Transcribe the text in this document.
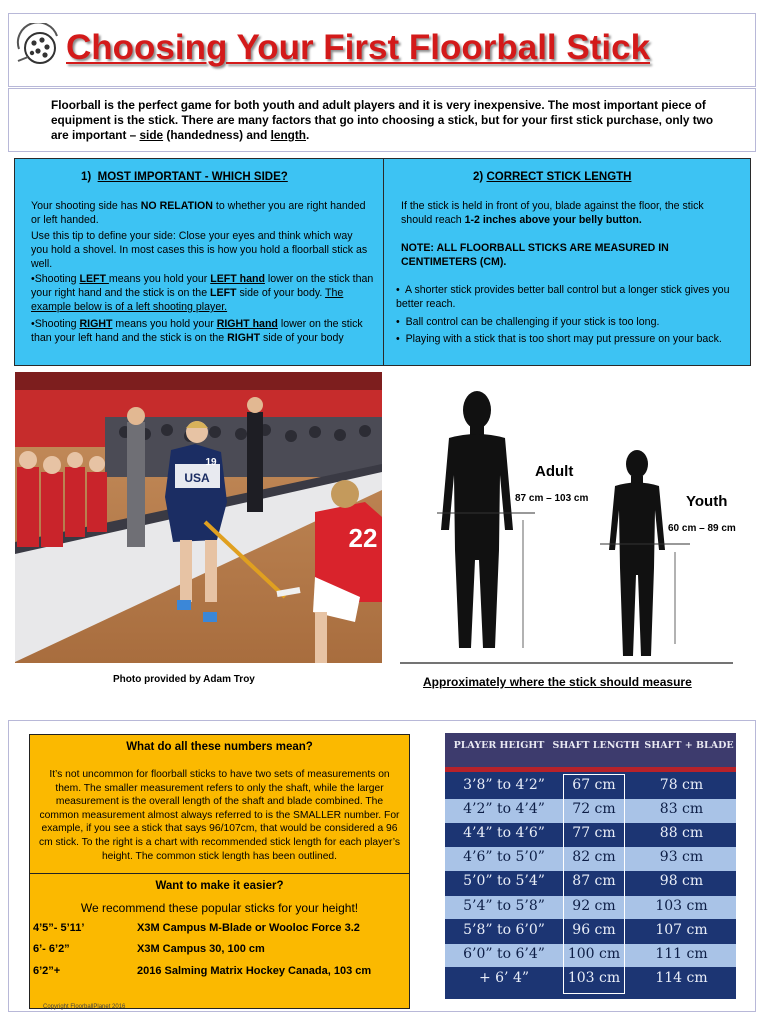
Choosing Your First Floorball Stick

Floorball is the perfect game for both youth and adult players and it is very inexpensive. The most important piece of equipment is the stick. There are many factors that go into choosing a stick, but for your first stick purchase, only two are important – side (handedness) and length.

1) MOST IMPORTANT - WHICH SIDE?
Your shooting side has NO RELATION to whether you are right handed or left handed.
Use this tip to define your side: Close your eyes and think which way you hold a shovel. In most cases this is how you hold a floorball stick as well.
•Shooting LEFT means you hold your LEFT hand lower on the stick than your right hand and the stick is on the LEFT side of your body. The example below is of a left shooting player.
•Shooting RIGHT means you hold your RIGHT hand lower on the stick than your left hand and the stick is on the RIGHT side of your body
2) CORRECT STICK LENGTH
If the stick is held in front of you, blade against the floor, the stick should reach 1-2 inches above your belly button.
NOTE: ALL FLOORBALL STICKS ARE MEASURED IN CENTIMETERS (CM).
•  A shorter stick provides better ball control but a longer stick gives you better reach.
•  Ball control can be challenging if your stick is too long.
•  Playing with a stick that is too short may put pressure on your back.
USA
19
22
Photo provided by Adam Troy
Adult
87 cm – 103 cm	Youth
60 cm – 89 cm
Approximately where the stick should measure
What do all these numbers mean?
It’s not uncommon for floorball sticks to have two sets of measurements on them. The smaller measurement refers to only the shaft, while the larger measurement is the overall length of the shaft and blade combined. The common measurement almost always referred to is the SMALLER number. For example, if you see a stick that says 96/107cm, that would be considered a 96 cm stick. To the right is a chart with recommended stick length for each player’s height. The common stick length has been outlined.
Want to make it easier?
We recommend these popular sticks for your height!
4’5”- 5’11’	X3M Campus M-Blade or Wooloc Force 3.2
6’- 6’2”	X3M Campus 30, 100 cm
6’2”+	2016 Salming Matrix Hockey Canada, 103 cm
PLAYER HEIGHT SHAFT LENGTH SHAFT + BLADE
3’8” to 4’2”	67 cm	78 cm
4’2” to 4’4”	72 cm	83 cm
4’4” to 4’6”	77 cm	88 cm
4’6” to 5’0”	82 cm	93 cm
5’0” to 5’4”	87 cm	98 cm
5’4” to 5’8”	92 cm	103 cm
5’8” to 6’0”	96 cm	107 cm
6’0” to 6’4”	100 cm	111 cm
+ 6’ 4”	103 cm	114 cm
Copyright FloorballPlanet 2016
